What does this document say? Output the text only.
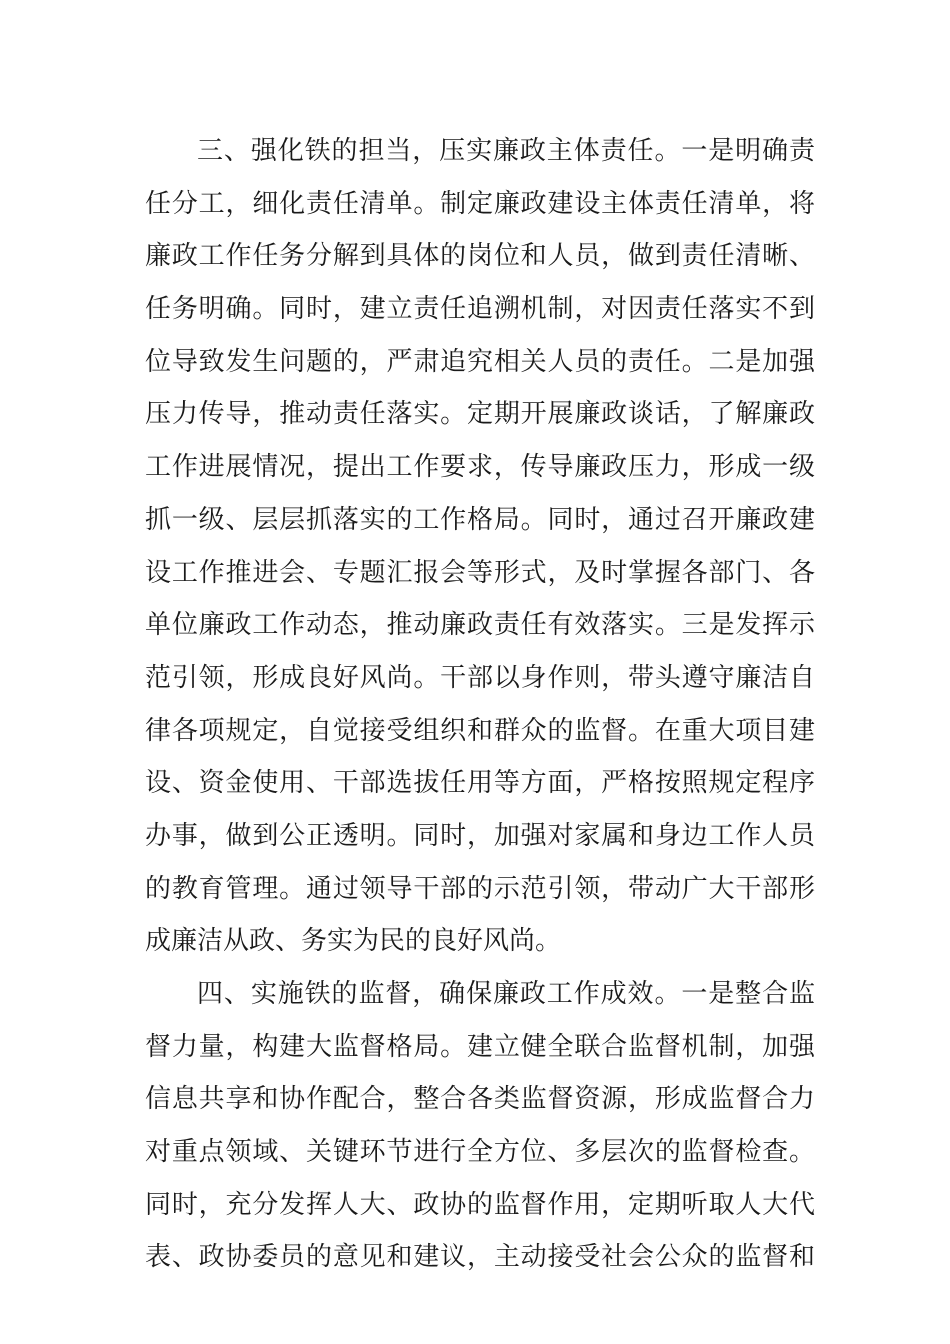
三、强化铁的担当，压实廉政主体责任。一是明确责
任分工，细化责任清单。制定廉政建设主体责任清单，将
廉政工作任务分解到具体的岗位和人员，做到责任清晰、
任务明确。同时，建立责任追溯机制，对因责任落实不到
位导致发生问题的，严肃追究相关人员的责任。二是加强
压力传导，推动责任落实。定期开展廉政谈话，了解廉政
工作进展情况，提出工作要求，传导廉政压力，形成一级
抓一级、层层抓落实的工作格局。同时，通过召开廉政建
设工作推进会、专题汇报会等形式，及时掌握各部门、各
单位廉政工作动态，推动廉政责任有效落实。三是发挥示
范引领，形成良好风尚。干部以身作则，带头遵守廉洁自
律各项规定，自觉接受组织和群众的监督。在重大项目建
设、资金使用、干部选拔任用等方面，严格按照规定程序
办事，做到公正透明。同时，加强对家属和身边工作人员
的教育管理。通过领导干部的示范引领，带动广大干部形
成廉洁从政、务实为民的良好风尚。
四、实施铁的监督，确保廉政工作成效。一是整合监
督力量，构建大监督格局。建立健全联合监督机制，加强
信息共享和协作配合，整合各类监督资源，形成监督合力
对重点领域、关键环节进行全方位、多层次的监督检查。
同时，充分发挥人大、政协的监督作用，定期听取人大代
表、政协委员的意见和建议，主动接受社会公众的监督和
